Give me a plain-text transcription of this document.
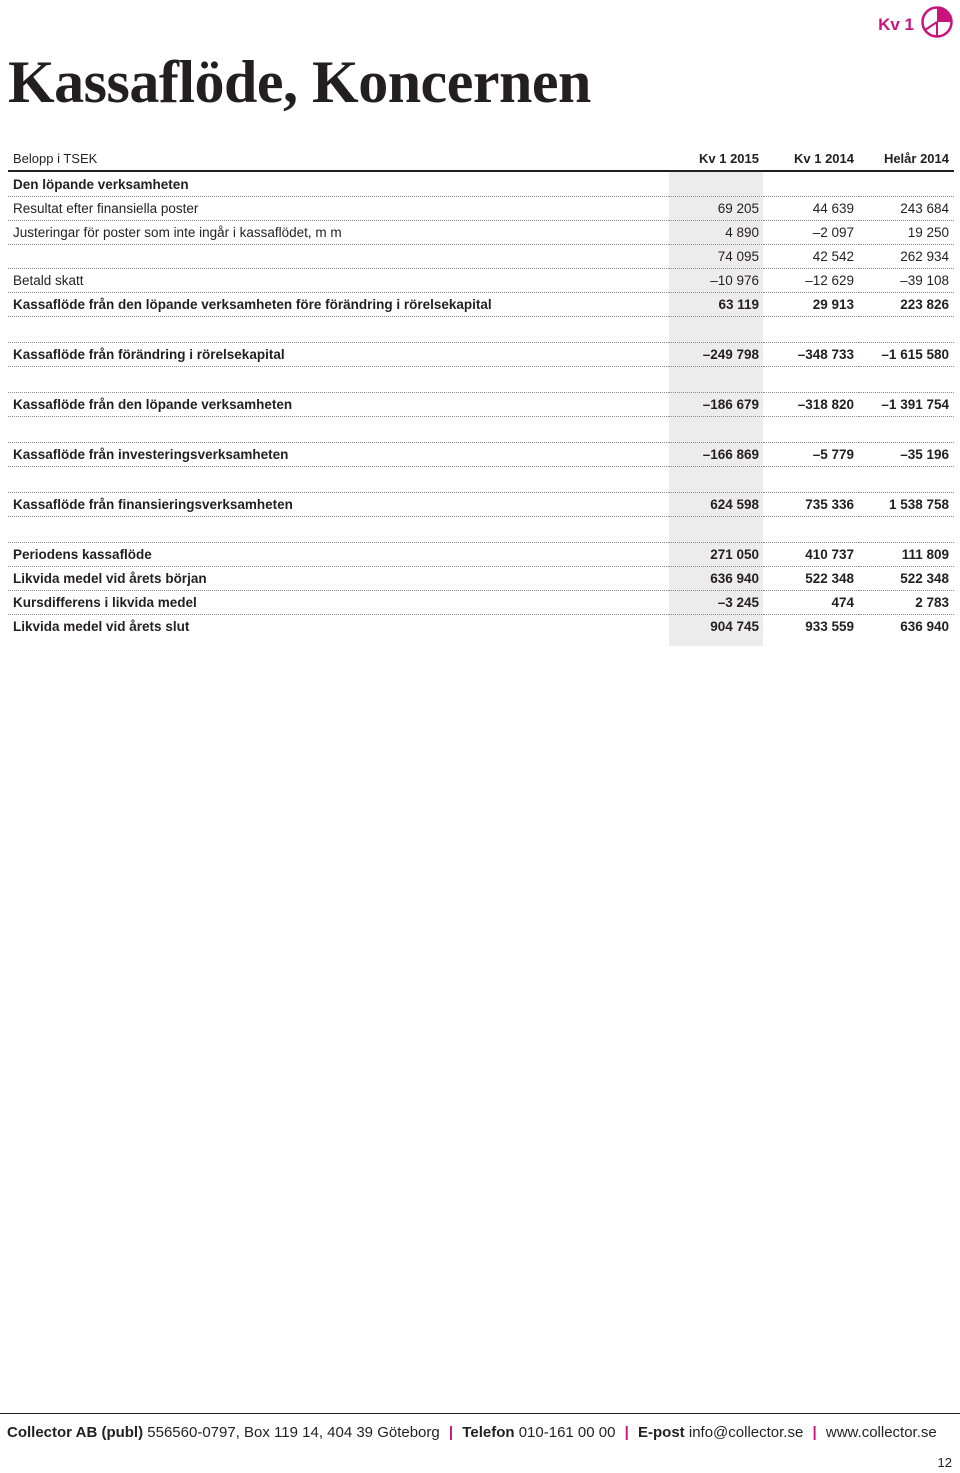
Kv 1
Kassaflöde, Koncernen
Belopp i TSEK	Kv 1 2015	Kv 1 2014	Helår 2014
Den löpande verksamheten			
Resultat efter finansiella poster	69 205	44 639	243 684
Justeringar för poster som inte ingår i kassaflödet, m m	4 890	–2 097	19 250
	74 095	42 542	262 934
Betald skatt	–10 976	–12 629	–39 108
Kassaflöde från den löpande verksamheten före förändring i rörelsekapital	63 119	29 913	223 826

Kassaflöde från förändring i rörelsekapital	–249 798	–348 733	–1 615 580

Kassaflöde från den löpande verksamheten	–186 679	–318 820	–1 391 754

Kassaflöde från investeringsverksamheten	–166 869	–5 779	–35 196

Kassaflöde från finansieringsverksamheten	624 598	735 336	1 538 758

Periodens kassaflöde	271 050	410 737	111 809
Likvida medel vid årets början	636 940	522 348	522 348
Kursdifferens i likvida medel	–3 245	474	2 783
Likvida medel vid årets slut	904 745	933 559	636 940
Collector AB (publ) 556560-0797, Box 119 14, 404 39 Göteborg | Telefon 010-161 00 00 | E-post info@collector.se | www.collector.se
12
